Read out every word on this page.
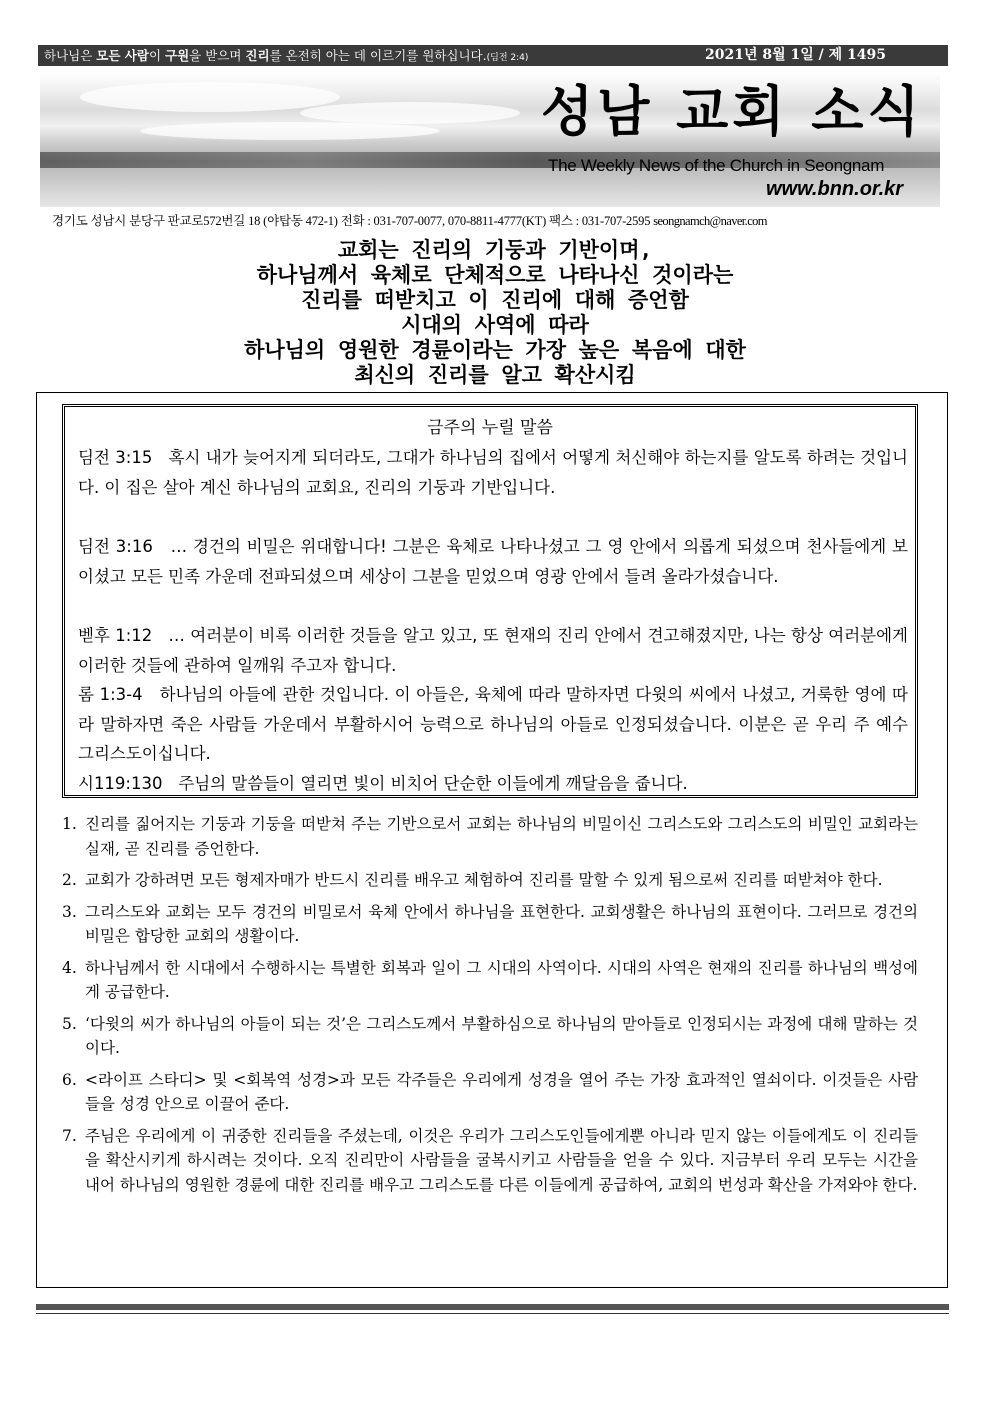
하나님은 모든 사람이 구원을 받으며 진리를 온전히 아는 데 이르기를 원하십니다.(딤전 2:4)	2021년 8월 1일 / 제 1495
성남 교회 소식
The Weekly News of the Church in Seongnam
www.bnn.or.kr
경기도 성남시 분당구 판교로572번길 18 (야탑동 472-1) 전화 : 031-707-0077, 070-8811-4777(KT) 팩스 : 031-707-2595 seongnamch@naver.com
교회는 진리의 기둥과 기반이며,
하나님께서 육체로 단체적으로 나타나신 것이라는
진리를 떠받치고 이 진리에 대해 증언함
시대의 사역에 따라
하나님의 영원한 경륜이라는 가장 높은 복음에 대한
최신의 진리를 알고 확산시킴
금주의 누릴 말씀
딤전 3:15 혹시 내가 늦어지게 되더라도, 그대가 하나님의 집에서 어떻게 처신해야 하는지를 알도록 하려는 것입니다. 이 집은 살아 계신 하나님의 교회요, 진리의 기둥과 기반입니다.
딤전 3:16 … 경건의 비밀은 위대합니다! 그분은 육체로 나타나셨고 그 영 안에서 의롭게 되셨으며 천사들에게 보이셨고 모든 민족 가운데 전파되셨으며 세상이 그분을 믿었으며 영광 안에서 들려 올라가셨습니다.
벧후 1:12 … 여러분이 비록 이러한 것들을 알고 있고, 또 현재의 진리 안에서 견고해졌지만, 나는 항상 여러분에게 이러한 것들에 관하여 일깨워 주고자 합니다.
롬 1:3-4 하나님의 아들에 관한 것입니다. 이 아들은, 육체에 따라 말하자면 다윗의 씨에서 나셨고, 거룩한 영에 따라 말하자면 죽은 사람들 가운데서 부활하시어 능력으로 하나님의 아들로 인정되셨습니다. 이분은 곧 우리 주 예수 그리스도이십니다.
시119:130 주님의 말씀들이 열리면 빛이 비치어 단순한 이들에게 깨달음을 줍니다.
1. 진리를 짊어지는 기둥과 기둥을 떠받쳐 주는 기반으로서 교회는 하나님의 비밀이신 그리스도와 그리스도의 비밀인 교회라는 실재, 곧 진리를 증언한다.
2. 교회가 강하려면 모든 형제자매가 반드시 진리를 배우고 체험하여 진리를 말할 수 있게 됨으로써 진리를 떠받쳐야 한다.
3. 그리스도와 교회는 모두 경건의 비밀로서 육체 안에서 하나님을 표현한다. 교회생활은 하나님의 표현이다. 그러므로 경건의 비밀은 합당한 교회의 생활이다.
4. 하나님께서 한 시대에서 수행하시는 특별한 회복과 일이 그 시대의 사역이다. 시대의 사역은 현재의 진리를 하나님의 백성에게 공급한다.
5. ‘다윗의 씨가 하나님의 아들이 되는 것’은 그리스도께서 부활하심으로 하나님의 맏아들로 인정되시는 과정에 대해 말하는 것이다.
6. <라이프 스타디> 및 <회복역 성경>과 모든 각주들은 우리에게 성경을 열어 주는 가장 효과적인 열쇠이다. 이것들은 사람들을 성경 안으로 이끌어 준다.
7. 주님은 우리에게 이 귀중한 진리들을 주셨는데, 이것은 우리가 그리스도인들에게뿐 아니라 믿지 않는 이들에게도 이 진리들을 확산시키게 하시려는 것이다. 오직 진리만이 사람들을 굴복시키고 사람들을 얻을 수 있다. 지금부터 우리 모두는 시간을 내어 하나님의 영원한 경륜에 대한 진리를 배우고 그리스도를 다른 이들에게 공급하여, 교회의 번성과 확산을 가져와야 한다.
